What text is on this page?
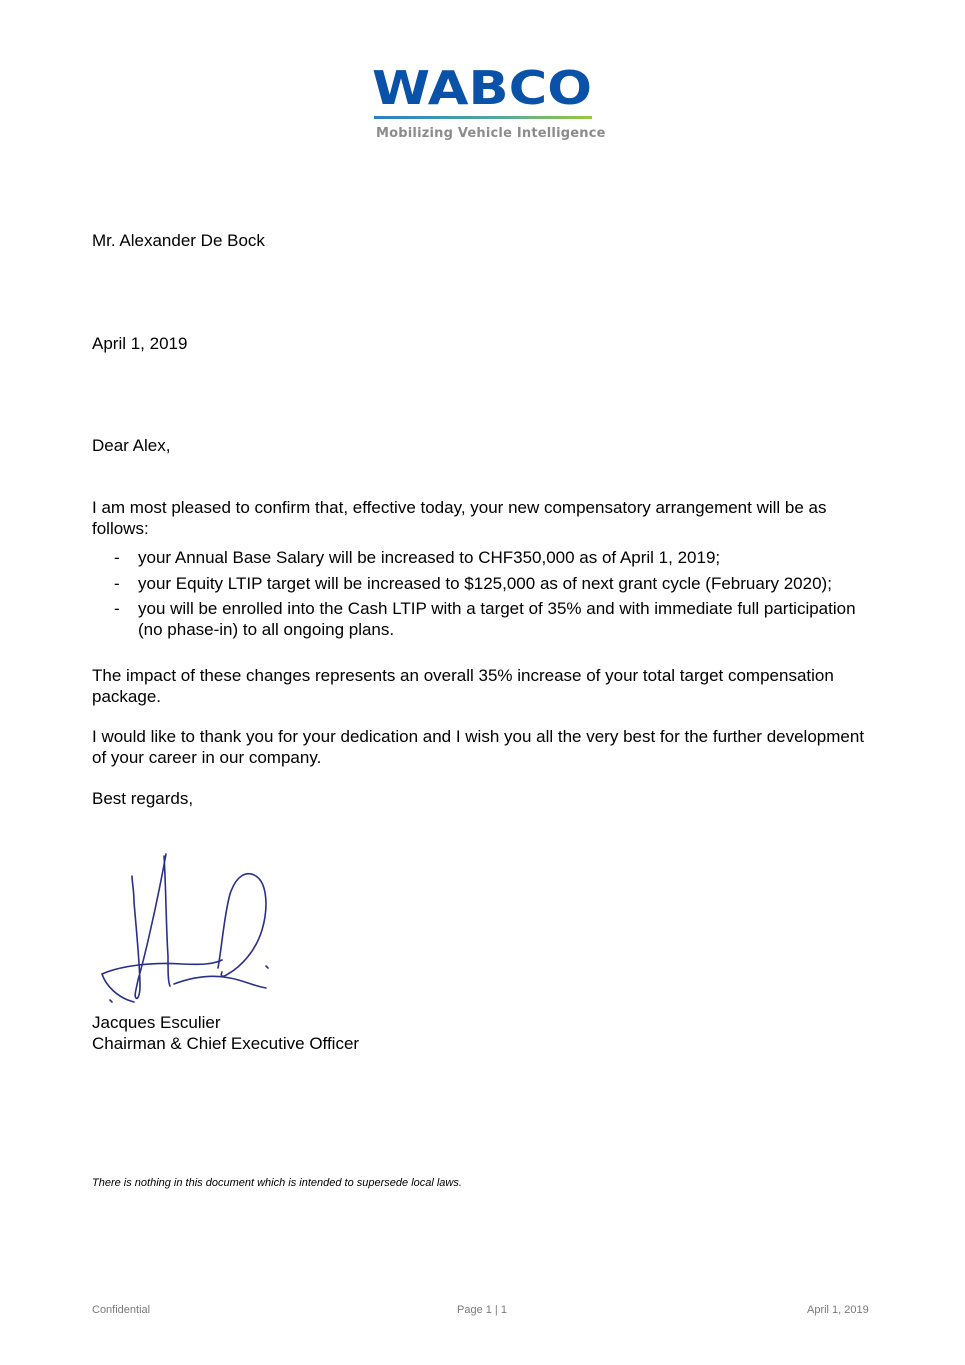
WABCO
Mobilizing Vehicle Intelligence
Mr. Alexander De Bock
April 1, 2019
Dear Alex,
I am most pleased to confirm that, effective today, your new compensatory arrangement will be as follows:
- your Annual Base Salary will be increased to CHF350,000 as of April 1, 2019;
- your Equity LTIP target will be increased to $125,000 as of next grant cycle (February 2020);
- you will be enrolled into the Cash LTIP with a target of 35% and with immediate full participation (no phase-in) to all ongoing plans.
The impact of these changes represents an overall 35% increase of your total target compensation package.
I would like to thank you for your dedication and I wish you all the very best for the further development of your career in our company.
Best regards,
Jacques Esculier
Chairman & Chief Executive Officer
There is nothing in this document which is intended to supersede local laws.
Confidential	Page 1 | 1	April 1, 2019
